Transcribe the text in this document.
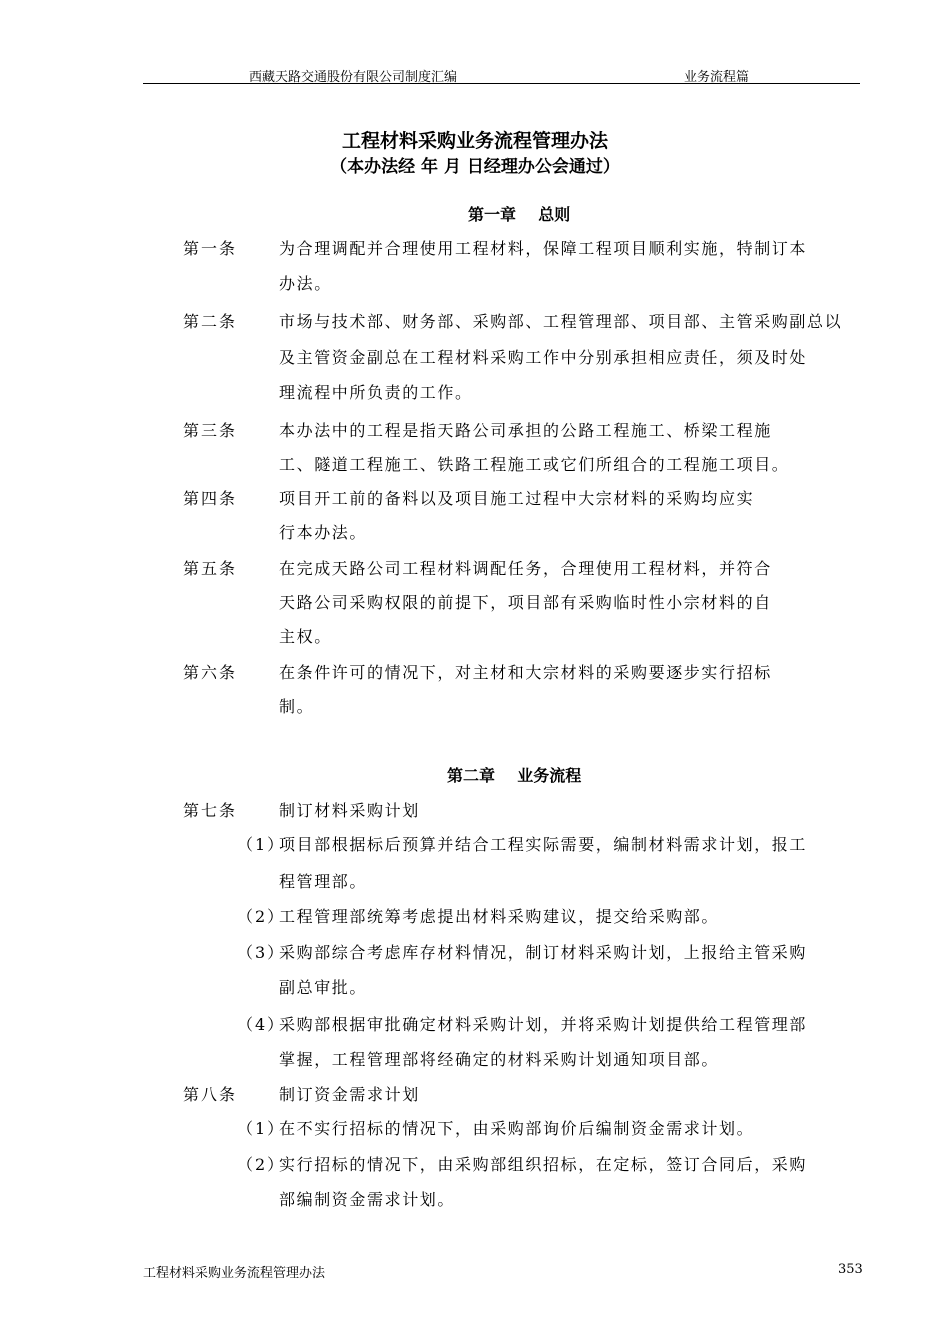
西藏天路交通股份有限公司制度汇编	业务流程篇
工程材料采购业务流程管理办法
（本办法经 年 月 日经理办公会通过）
第一章    总则
第一条	为合理调配并合理使用工程材料，保障工程项目顺利实施，特制订本
办法。
第二条	市场与技术部、财务部、采购部、工程管理部、项目部、主管采购副总以
及主管资金副总在工程材料采购工作中分别承担相应责任，须及时处
理流程中所负责的工作。
第三条	本办法中的工程是指天路公司承担的公路工程施工、桥梁工程施
工、隧道工程施工、铁路工程施工或它们所组合的工程施工项目。
第四条	项目开工前的备料以及项目施工过程中大宗材料的采购均应实
行本办法。
第五条	在完成天路公司工程材料调配任务，合理使用工程材料，并符合
天路公司采购权限的前提下，项目部有采购临时性小宗材料的自
主权。
第六条	在条件许可的情况下，对主材和大宗材料的采购要逐步实行招标
制。
第二章    业务流程
第七条	制订材料采购计划
（1）
项目部根据标后预算并结合工程实际需要，编制材料需求计划，报工
程管理部。
（2）
工程管理部统筹考虑提出材料采购建议，提交给采购部。
（3）
采购部综合考虑库存材料情况，制订材料采购计划，上报给主管采购
副总审批。
（4）
采购部根据审批确定材料采购计划，并将采购计划提供给工程管理部
掌握，工程管理部将经确定的材料采购计划通知项目部。
第八条	制订资金需求计划
（1）
在不实行招标的情况下，由采购部询价后编制资金需求计划。
（2）
实行招标的情况下，由采购部组织招标，在定标，签订合同后，采购
部编制资金需求计划。
工程材料采购业务流程管理办法	353
